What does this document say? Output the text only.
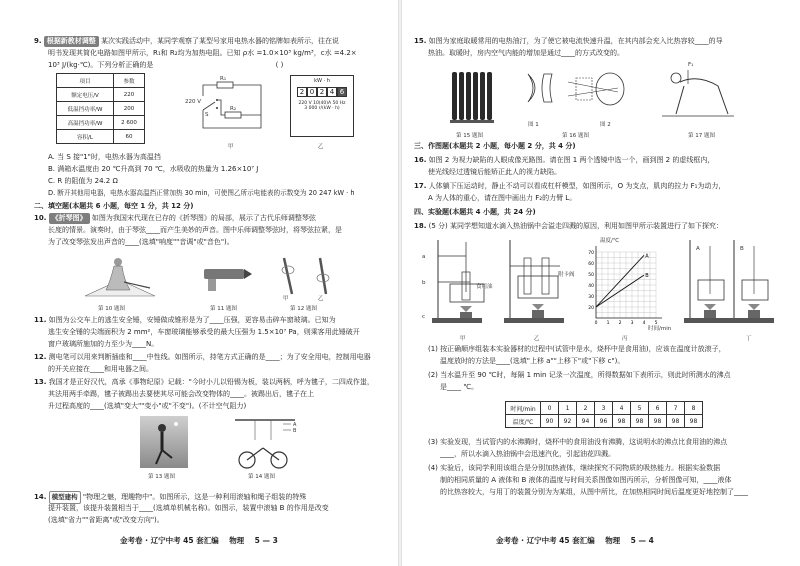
9. 根据新教材调整 某次实践活动中，某同学观察了某型号家用电热水器的铭牌如表所示，往在说
明书发现其简化电路如图甲所示，R₁和 R₂均为加热电阻。已知 ρ水 =1.0×10³ kg/m³，c水 =4.2×
10³ J/(kg·℃)。下列分析正确的是	( )
项目	参数
额定电压/V	220
低温挡功率/W	200
高温挡功率/W	2 600
容积/L	60
R₁
R₂
220 V
S
甲
kW · h
2 0 2 4 6
220 V 10(40)A 50 Hz
3 000 r/(kW · h)
乙
A. 当 S 接"1"时，电热水器为高温挡
B. 满箱水温度由 20 ℃升高到 70 ℃，水吸收的热量为 1.26×10⁷ J
C. R 的阻值为 24.2 Ω
D. 断开其他用电器，电热水器高温挡正常加热 30 min，可使图乙所示电能表的示数变为 20 247 kW · h
二、填空题(本题共 6 小题，每空 1 分，共 12 分)
10. 《折琴图》 如图为我国宋代现在已存的《折琴图》的局部，展示了古代乐师调整琴弦
长度的情景。演奏时，由于琴弦____而产生美妙的声音。图中乐师调整琴弦时，将琴弦拉紧，是
为了改变琴弦发出声音的____(选填"响度""音调"或"音色")。
甲	乙
第 10 题图	第 11 题图	第 12 题图
11. 如图为公交车上的逃生安全锤，安锤做成锥形是为了____压强，更容易击碎车窗玻璃。已知为
逃生安全锤的尖端面积为 2 mm²，车窗玻璃能够承受的最大压强为 1.5×10⁷ Pa，则乘客用此锤破开
窗户玻璃所施加的力至少为____N。
12. 测电笔可以用来判断插座和____中性线。如图所示，持笔方式正确的是____；为了安全用电，控制用电器
的开关应接在____和用电器之间。
13. 我国才是正好汉代，高承《事物纪原》记载："今时小儿以铅锡为板，装以两柄，呼为毽子，二四成作蚩，
其法用两手牵踢，毽子被踢出去要使其尽可能会改变物体的____。被踢出后，毽子在上
升过程高度的____(选填"变大""变小"或"不变")。(不计空气阻力)
第 13 题图
A
B
第 14 题图
14. 模型建构 "物理之魅，理趣物中"。如图所示，这是一种利用滚轴和绳子组装的特殊
提升装置，该提升装置相当于____(选填单机械名称)。如图示，装置中滚轴 B 的作用是改变
(选填"省力""省距离"或"改变方向")。
金考卷 · 辽宁中考 45 套汇编 物理 5 — 3
15. 如图为家庭取暖常用的电热油汀，为了使它被电流快速升温，在其内部会充入比热容较____的导
热油。取暖时，房内空气内能的增加是通过____的方式改变的。
第 15 题图
图 1	图 2
第 16 题图
F₁
第 17 题图
三、作图题(本题共 2 小题，每小题 2 分，共 4 分)
16. 如图 2 为视力缺陷的人眼成像光路图。请在图 1 两个透镜中选一个，画到图 2 的虚线框内，
使光线经过透镜后能矫正此人的视力缺陷。
17. 人体躺下压运动时，静止不动可以看成杠杆模型，如图所示，O 为支点，肌肉的拉力 F₁为动力，
A 为人体的重心，请在图中画出力 F₂的力臂 L。
四、实验题(本题共 4 小题，共 24 分)
18. (5 分) 某同学想知道水滴入热油锅中会溢走四溅的原因，利用如图甲所示装置进行了如下探究：
a
b
c
食用油
甲
附卡阀
乙
20
30
40
50
60
70
0 1 2 3 4 5
A
B
温度/℃
时间/min
丙
A	B
丁
(1) 按正确顺序组装本实验器材的过程中(试管中是水，烧杯中是食用油)，应该在温度计放滚子，
温度放时的方法是____(选填"上移 a""上移下"或"下移 c")。
(2) 当水温升至 90 ℃时，每隔 1 min 记录一次温度，所得数据如下表所示，则此时所测水的沸点
是____ ℃。
时间/min	0	1	2	3	4	5	6	7	8
温度/℃	90	92	94	96	98	98	98	98	98
(3) 实验发现，当试管内的水沸腾时，烧杯中的食用油没有沸腾，这说明水的沸点比食用油的沸点
____，所以水滴入热油锅中会迅速汽化，引起油花四溅。
(4) 实验后，该同学利用该组合是分别加热液体，继续探究不同物质的吸热能力。根据实验数据
制的相同质量的 A 液体和 B 液体的温度与时间关系图像如图丙所示，分析图像可知，____液体
的比热容较大，与用丁的装置分别为为某组，从图中所比，在加热相同时间后温度更好地控制了____
金考卷 · 辽宁中考 45 套汇编 物理 5 — 4
